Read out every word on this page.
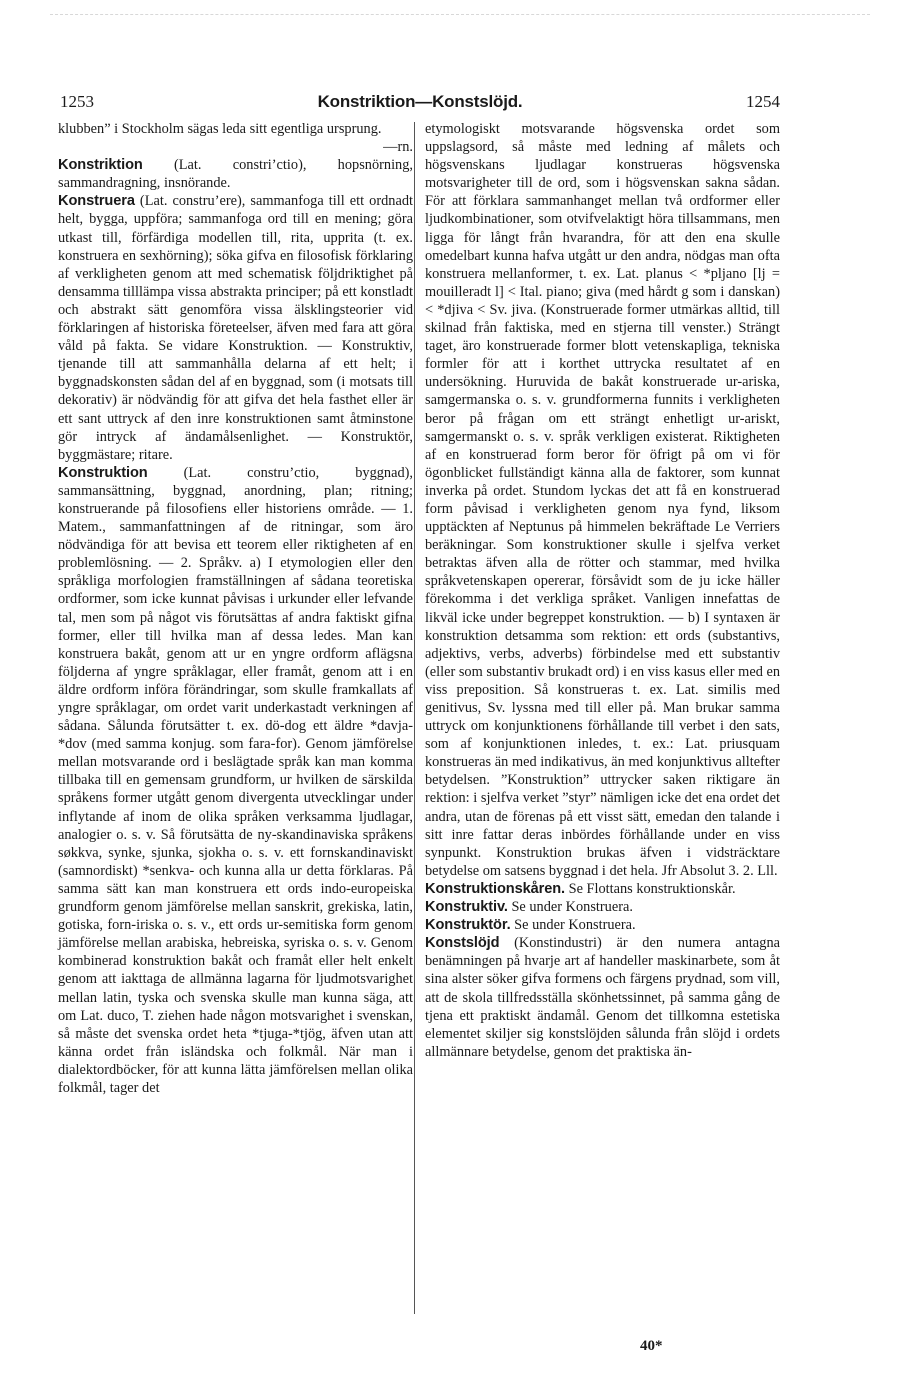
1253	Konstriktion—Konstslöjd.	1254

klubben” i Stockholm sägas leda sitt egentliga ursprung.
—rn.

Konstriktion (Lat. constri’ctio), hopsnörning, sammandragning, insnörande.

Konstruera (Lat. constru’ere), sammanfoga till ett ordnadt helt, bygga, uppföra; sammanfoga ord till en mening; göra utkast till, förfärdiga modellen till, rita, upprita (t. ex. konstruera en sexhörning); söka gifva en filosofisk förklaring af verkligheten genom att med schematisk följdriktighet på densamma tilllämpa vissa abstrakta principer; på ett konstladt och abstrakt sätt genomföra vissa älsklingsteorier vid förklaringen af historiska företeelser, äfven med fara att göra våld på fakta. Se vidare Konstruktion. — Konstruktiv, tjenande till att sammanhålla delarna af ett helt; i byggnadskonsten sådan del af en byggnad, som (i motsats till dekorativ) är nödvändig för att gifva det hela fasthet eller är ett sant uttryck af den inre konstruktionen samt åtminstone gör intryck af ändamålsenlighet. — Konstruktör, byggmästare; ritare.

Konstruktion (Lat. constru’ctio, byggnad), sammansättning, byggnad, anordning, plan; ritning; konstruerande på filosofiens eller historiens område. — 1. Matem., sammanfattningen af de ritningar, som äro nödvändiga för att bevisa ett teorem eller riktigheten af en problemlösning. — 2. Språkv. a) I etymologien eller den språkliga morfologien framställningen af sådana teoretiska ordformer, som icke kunnat påvisas i urkunder eller lefvande tal, men som på något vis förutsättas af andra faktiskt gifna former, eller till hvilka man af dessa ledes. Man kan konstruera bakåt, genom att ur en yngre ordform aflägsna följderna af yngre språklagar, eller framåt, genom att i en äldre ordform införa förändringar, som skulle framkallats af yngre språklagar, om ordet varit underkastadt verkningen af sådana. Sålunda förutsätter t. ex. dö-dog ett äldre *davja-*dov (med samma konjug. som fara-for). Genom jämförelse mellan motsvarande ord i beslägtade språk kan man komma tillbaka till en gemensam grundform, ur hvilken de särskilda språkens former utgått genom divergenta utvecklingar under inflytande af inom de olika språken verksamma ljudlagar, analogier o. s. v. Så förutsätta de ny-skandinaviska språkens søkkva, synke, sjunka, sjokha o. s. v. ett fornskandinaviskt (samnordiskt) *senkva- och kunna alla ur detta förklaras. På samma sätt kan man konstruera ett ords indo-europeiska grundform genom jämförelse mellan sanskrit, grekiska, latin, gotiska, forn-iriska o. s. v., ett ords ur-semitiska form genom jämförelse mellan arabiska, hebreiska, syriska o. s. v. Genom kombinerad konstruktion bakåt och framåt eller helt enkelt genom att iakttaga de allmänna lagarna för ljudmotsvarighet mellan latin, tyska och svenska skulle man kunna säga, att om Lat. duco, T. ziehen hade någon motsvarighet i svenskan, så måste det svenska ordet heta *tjuga-*tjög, äfven utan att känna ordet från isländska och folkmål. När man i dialektordböcker, för att kunna lätta jämförelsen mellan olika folkmål, tager det

etymologiskt motsvarande högsvenska ordet som uppslagsord, så måste med ledning af målets och högsvenskans ljudlagar konstrueras högsvenska motsvarigheter till de ord, som i högsvenskan sakna sådan. För att förklara sammanhanget mellan två ordformer eller ljudkombinationer, som otvifvelaktigt höra tillsammans, men ligga för långt från hvarandra, för att den ena skulle omedelbart kunna hafva utgått ur den andra, nödgas man ofta konstruera mellanformer, t. ex. Lat. planus < *pljano [lj = mouilleradt l] < Ital. piano; giva (med hårdt g som i danskan) < *djiva < Sv. jiva. (Konstruerade former utmärkas alltid, till skilnad från faktiska, med en stjerna till venster.) Strängt taget, äro konstruerade former blott vetenskapliga, tekniska formler för att i korthet uttrycka resultatet af en undersökning. Huruvida de bakåt konstruerade ur-ariska, samgermanska o. s. v. grundformerna funnits i verkligheten beror på frågan om ett strängt enhetligt ur-ariskt, samgermanskt o. s. v. språk verkligen existerat. Riktigheten af en konstruerad form beror för öfrigt på om vi för ögonblicket fullständigt känna alla de faktorer, som kunnat inverka på ordet. Stundom lyckas det att få en konstruerad form påvisad i verkligheten genom nya fynd, liksom upptäckten af Neptunus på himmelen bekräftade Le Verriers beräkningar. Som konstruktioner skulle i sjelfva verket betraktas äfven alla de rötter och stammar, med hvilka språkvetenskapen opererar, försåvidt som de ju icke häller förekomma i det verkliga språket. Vanligen innefattas de likväl icke under begreppet konstruktion. — b) I syntaxen är konstruktion detsamma som rektion: ett ords (substantivs, adjektivs, verbs, adverbs) förbindelse med ett substantiv (eller som substantiv brukadt ord) i en viss kasus eller med en viss preposition. Så konstrueras t. ex. Lat. similis med genitivus, Sv. lyssna med till eller på. Man brukar samma uttryck om konjunktionens förhållande till verbet i den sats, som af konjunktionen inledes, t. ex.: Lat. priusquam konstrueras än med indikativus, än med konjunktivus alltefter betydelsen. ”Konstruktion” uttrycker saken riktigare än rektion: i sjelfva verket ”styr” nämligen icke det ena ordet det andra, utan de förenas på ett visst sätt, emedan den talande i sitt inre fattar deras inbördes förhållande under en viss synpunkt. Konstruktion brukas äfven i vidsträcktare betydelse om satsens byggnad i det hela. Jfr Absolut 3. 2. Lll.

Konstruktionskåren. Se Flottans konstruktionskår.

Konstruktiv. Se under Konstruera.

Konstruktör. Se under Konstruera.

Konstslöjd (Konstindustri) är den numera antagna benämningen på hvarje art af handeller maskinarbete, som åt sina alster söker gifva formens och färgens prydnad, som vill, att de skola tillfredsställa skönhetssinnet, på samma gång de tjena ett praktiskt ändamål. Genom det tillkomna estetiska elementet skiljer sig konstslöjden sålunda från slöjd i ordets allmännare betydelse, genom det praktiska än-

40*
